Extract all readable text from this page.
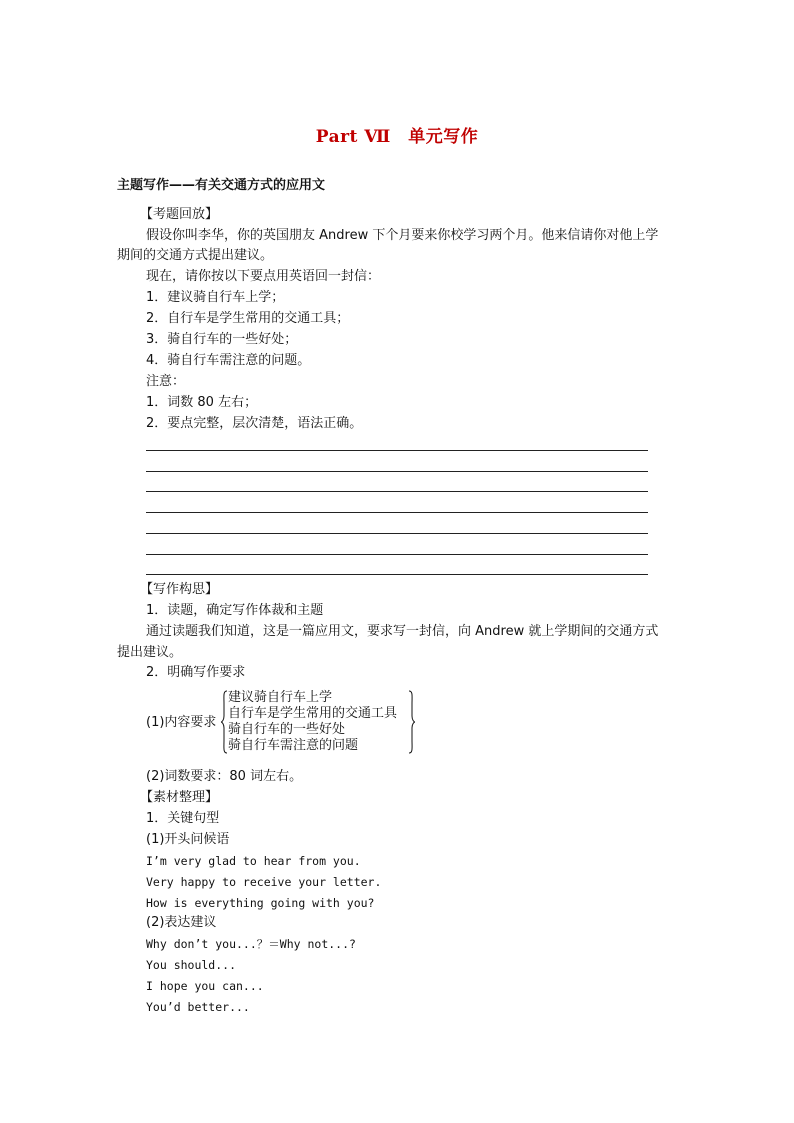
Part Ⅶ　单元写作
主题写作——有关交通方式的应用文
【考题回放】
假设你叫李华，你的英国朋友 Andrew 下个月要来你校学习两个月。他来信请你对他上学
期间的交通方式提出建议。
现在，请你按以下要点用英语回一封信：
1．建议骑自行车上学；
2．自行车是学生常用的交通工具；
3．骑自行车的一些好处；
4．骑自行车需注意的问题。
注意：
1．词数 80 左右；
2．要点完整，层次清楚，语法正确。
【写作构思】
1．读题，确定写作体裁和主题
通过读题我们知道，这是一篇应用文，要求写一封信，向 Andrew 就上学期间的交通方式
提出建议。
2．明确写作要求
(1)内容要求
建议骑自行车上学
自行车是学生常用的交通工具
骑自行车的一些好处
骑自行车需注意的问题
(2)词数要求：80 词左右。
【素材整理】
1．关键句型
(1)开头问候语
I’m very glad to hear from you.
Very happy to receive your letter.
How is everything going with you?
(2)表达建议
Why don’t you...？＝Why not...?
You should...
I hope you can...
You’d better...
